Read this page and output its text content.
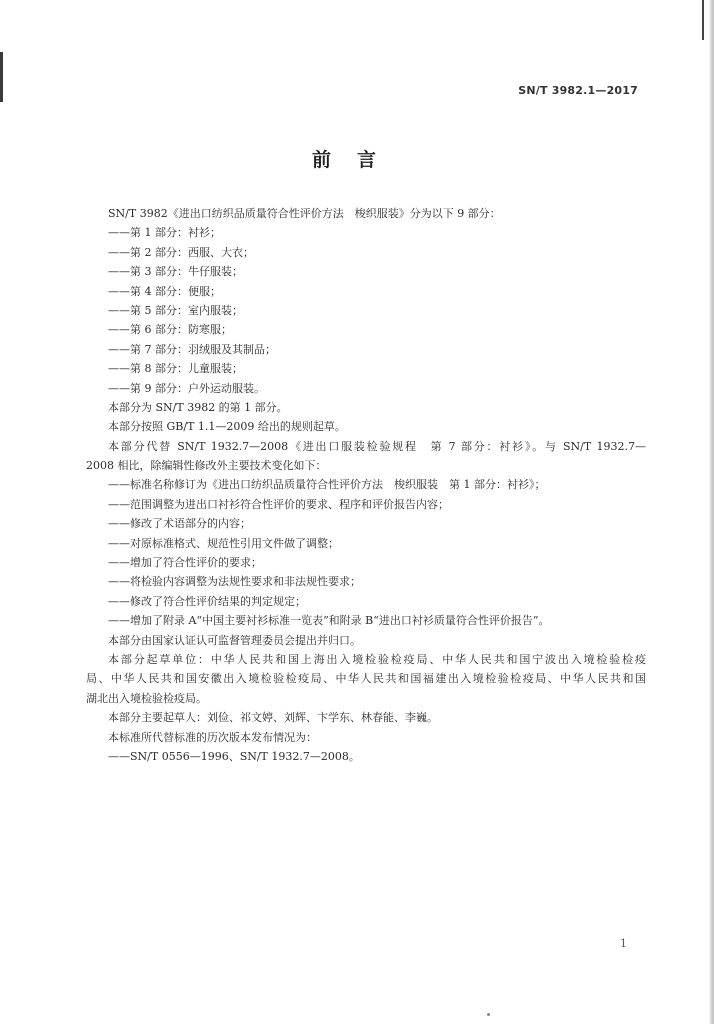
SN/T 3982.1—2017
前言
SN/T 3982《进出口纺织品质量符合性评价方法　梭织服装》分为以下 9 部分：
——第 1 部分：衬衫；
——第 2 部分：西服、大衣；
——第 3 部分：牛仔服装；
——第 4 部分：便服；
——第 5 部分：室内服装；
——第 6 部分：防寒服；
——第 7 部分：羽绒服及其制品；
——第 8 部分：儿童服装；
——第 9 部分：户外运动服装。
本部分为 SN/T 3982 的第 1 部分。
本部分按照 GB/T 1.1—2009 给出的规则起草。
本部分代替 SN/T 1932.7—2008《进出口服装检验规程　第 7 部分：衬衫》。与 SN/T 1932.7—
2008 相比，除编辑性修改外主要技术变化如下：
——标准名称修订为《进出口纺织品质量符合性评价方法　梭织服装　第 1 部分：衬衫》；
——范围调整为进出口衬衫符合性评价的要求、程序和评价报告内容；
——修改了术语部分的内容；
——对原标准格式、规范性引用文件做了调整；
——增加了符合性评价的要求；
——将检验内容调整为法规性要求和非法规性要求；
——修改了符合性评价结果的判定规定；
——增加了附录 A“中国主要衬衫标准一览表”和附录 B“进出口衬衫质量符合性评价报告”。
本部分由国家认证认可监督管理委员会提出并归口。
本部分起草单位：中华人民共和国上海出入境检验检疫局、中华人民共和国宁波出入境检验检疫
局、中华人民共和国安徽出入境检验检疫局、中华人民共和国福建出入境检验检疫局、中华人民共和国
湖北出入境检验检疫局。
本部分主要起草人：刘俭、祁文婷、刘辉、卞学东、林春能、李巍。
本标准所代替标准的历次版本发布情况为：
——SN/T 0556—1996、SN/T 1932.7—2008。
1
